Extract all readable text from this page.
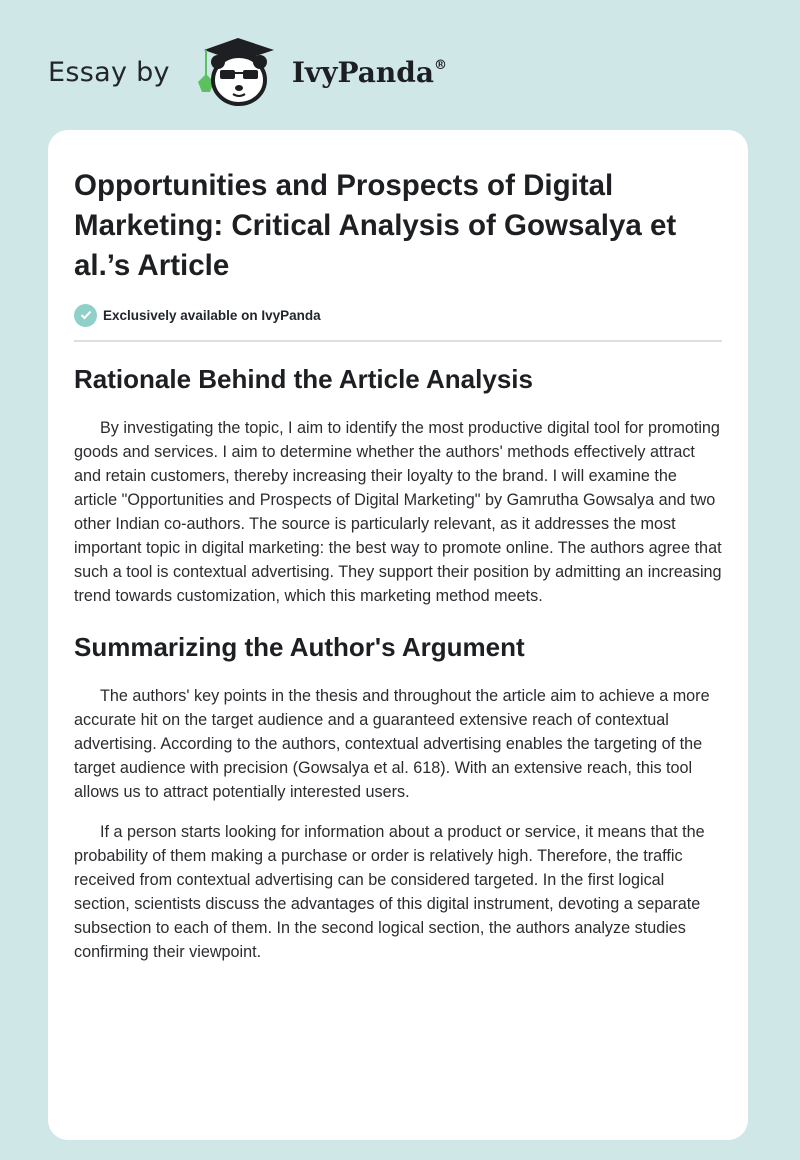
Essay by	IvyPanda®
Opportunities and Prospects of Digital Marketing: Critical Analysis of Gowsalya et al.’s Article
Exclusively available on IvyPanda
Rationale Behind the Article Analysis

By investigating the topic, I aim to identify the most productive digital tool for promoting goods and services. I aim to determine whether the authors' methods effectively attract and retain customers, thereby increasing their loyalty to the brand. I will examine the article "Opportunities and Prospects of Digital Marketing" by Gamrutha Gowsalya and two other Indian co-authors. The source is particularly relevant, as it addresses the most important topic in digital marketing: the best way to promote online. The authors agree that such a tool is contextual advertising. They support their position by admitting an increasing trend towards customization, which this marketing method meets.

Summarizing the Author's Argument

The authors' key points in the thesis and throughout the article aim to achieve a more accurate hit on the target audience and a guaranteed extensive reach of contextual advertising. According to the authors, contextual advertising enables the targeting of the target audience with precision (Gowsalya et al. 618). With an extensive reach, this tool allows us to attract potentially interested users.

If a person starts looking for information about a product or service, it means that the probability of them making a purchase or order is relatively high. Therefore, the traffic received from contextual advertising can be considered targeted. In the first logical section, scientists discuss the advantages of this digital instrument, devoting a separate subsection to each of them. In the second logical section, the authors analyze studies confirming their viewpoint.
